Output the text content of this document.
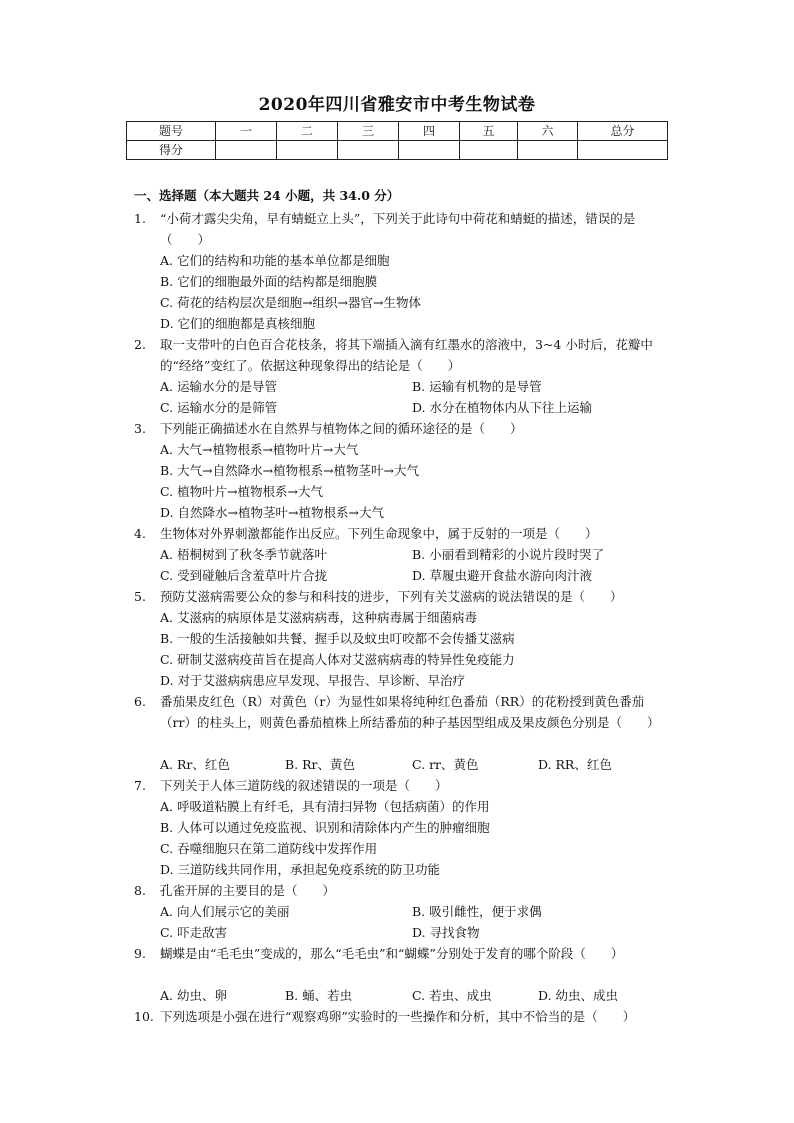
2020年四川省雅安市中考生物试卷
题号	一	二	三	四	五	六	总分
得分							
一、选择题（本大题共 24 小题，共 34.0 分）
1.	“小荷才露尖尖角，早有蜻蜓立上头”，下列关于此诗句中荷花和蜻蜓的描述，错误的是（　　）
A. 它们的结构和功能的基本单位都是细胞
B. 它们的细胞最外面的结构都是细胞膜
C. 荷花的结构层次是细胞→组织→器官→生物体
D. 它们的细胞都是真核细胞
2.	取一支带叶的白色百合花枝条，将其下端插入滴有红墨水的溶液中，3~4 小时后，花瓣中的“经络”变红了。依据这种现象得出的结论是（　　）
A. 运输水分的是导管	B. 运输有机物的是导管
C. 运输水分的是筛管	D. 水分在植物体内从下往上运输
3.	下列能正确描述水在自然界与植物体之间的循环途径的是（　　）
A. 大气→植物根系→植物叶片→大气
B. 大气→自然降水→植物根系→植物茎叶→大气
C. 植物叶片→植物根系→大气
D. 自然降水→植物茎叶→植物根系→大气
4.	生物体对外界刺激都能作出反应。下列生命现象中，属于反射的一项是（　　）
A. 梧桐树到了秋冬季节就落叶	B. 小丽看到精彩的小说片段时哭了
C. 受到碰触后含羞草叶片合拢	D. 草履虫避开食盐水游向肉汁液
5.	预防艾滋病需要公众的参与和科技的进步，下列有关艾滋病的说法错误的是（　　）
A. 艾滋病的病原体是艾滋病病毒，这种病毒属于细菌病毒
B. 一般的生活接触如共餐、握手以及蚊虫叮咬都不会传播艾滋病
C. 研制艾滋病疫苗旨在提高人体对艾滋病病毒的特异性免疫能力
D. 对于艾滋病病患应早发现、早报告、早诊断、早治疗
6.	番茄果皮红色（R）对黄色（r）为显性如果将纯种红色番茄（RR）的花粉授到黄色番茄（rr）的柱头上，则黄色番茄植株上所结番茄的种子基因型组成及果皮颜色分别是（　　）
A. Rr、红色	B. Rr、黄色	C. rr、黄色	D. RR、红色
7.	下列关于人体三道防线的叙述错误的一项是（　　）
A. 呼吸道粘膜上有纤毛，具有清扫异物（包括病菌）的作用
B. 人体可以通过免疫监视、识别和清除体内产生的肿瘤细胞
C. 吞噬细胞只在第二道防线中发挥作用
D. 三道防线共同作用，承担起免疫系统的防卫功能
8.	孔雀开屏的主要目的是（　　）
A. 向人们展示它的美丽	B. 吸引雌性，便于求偶
C. 吓走敌害	D. 寻找食物
9.	蝴蝶是由“毛毛虫”变成的，那么“毛毛虫”和“蝴蝶”分别处于发育的哪个阶段（　　）
A. 幼虫、卵	B. 蛹、若虫	C. 若虫、成虫	D. 幼虫、成虫
10. 下列选项是小强在进行“观察鸡卵”实验时的一些操作和分析，其中不恰当的是（　　）
